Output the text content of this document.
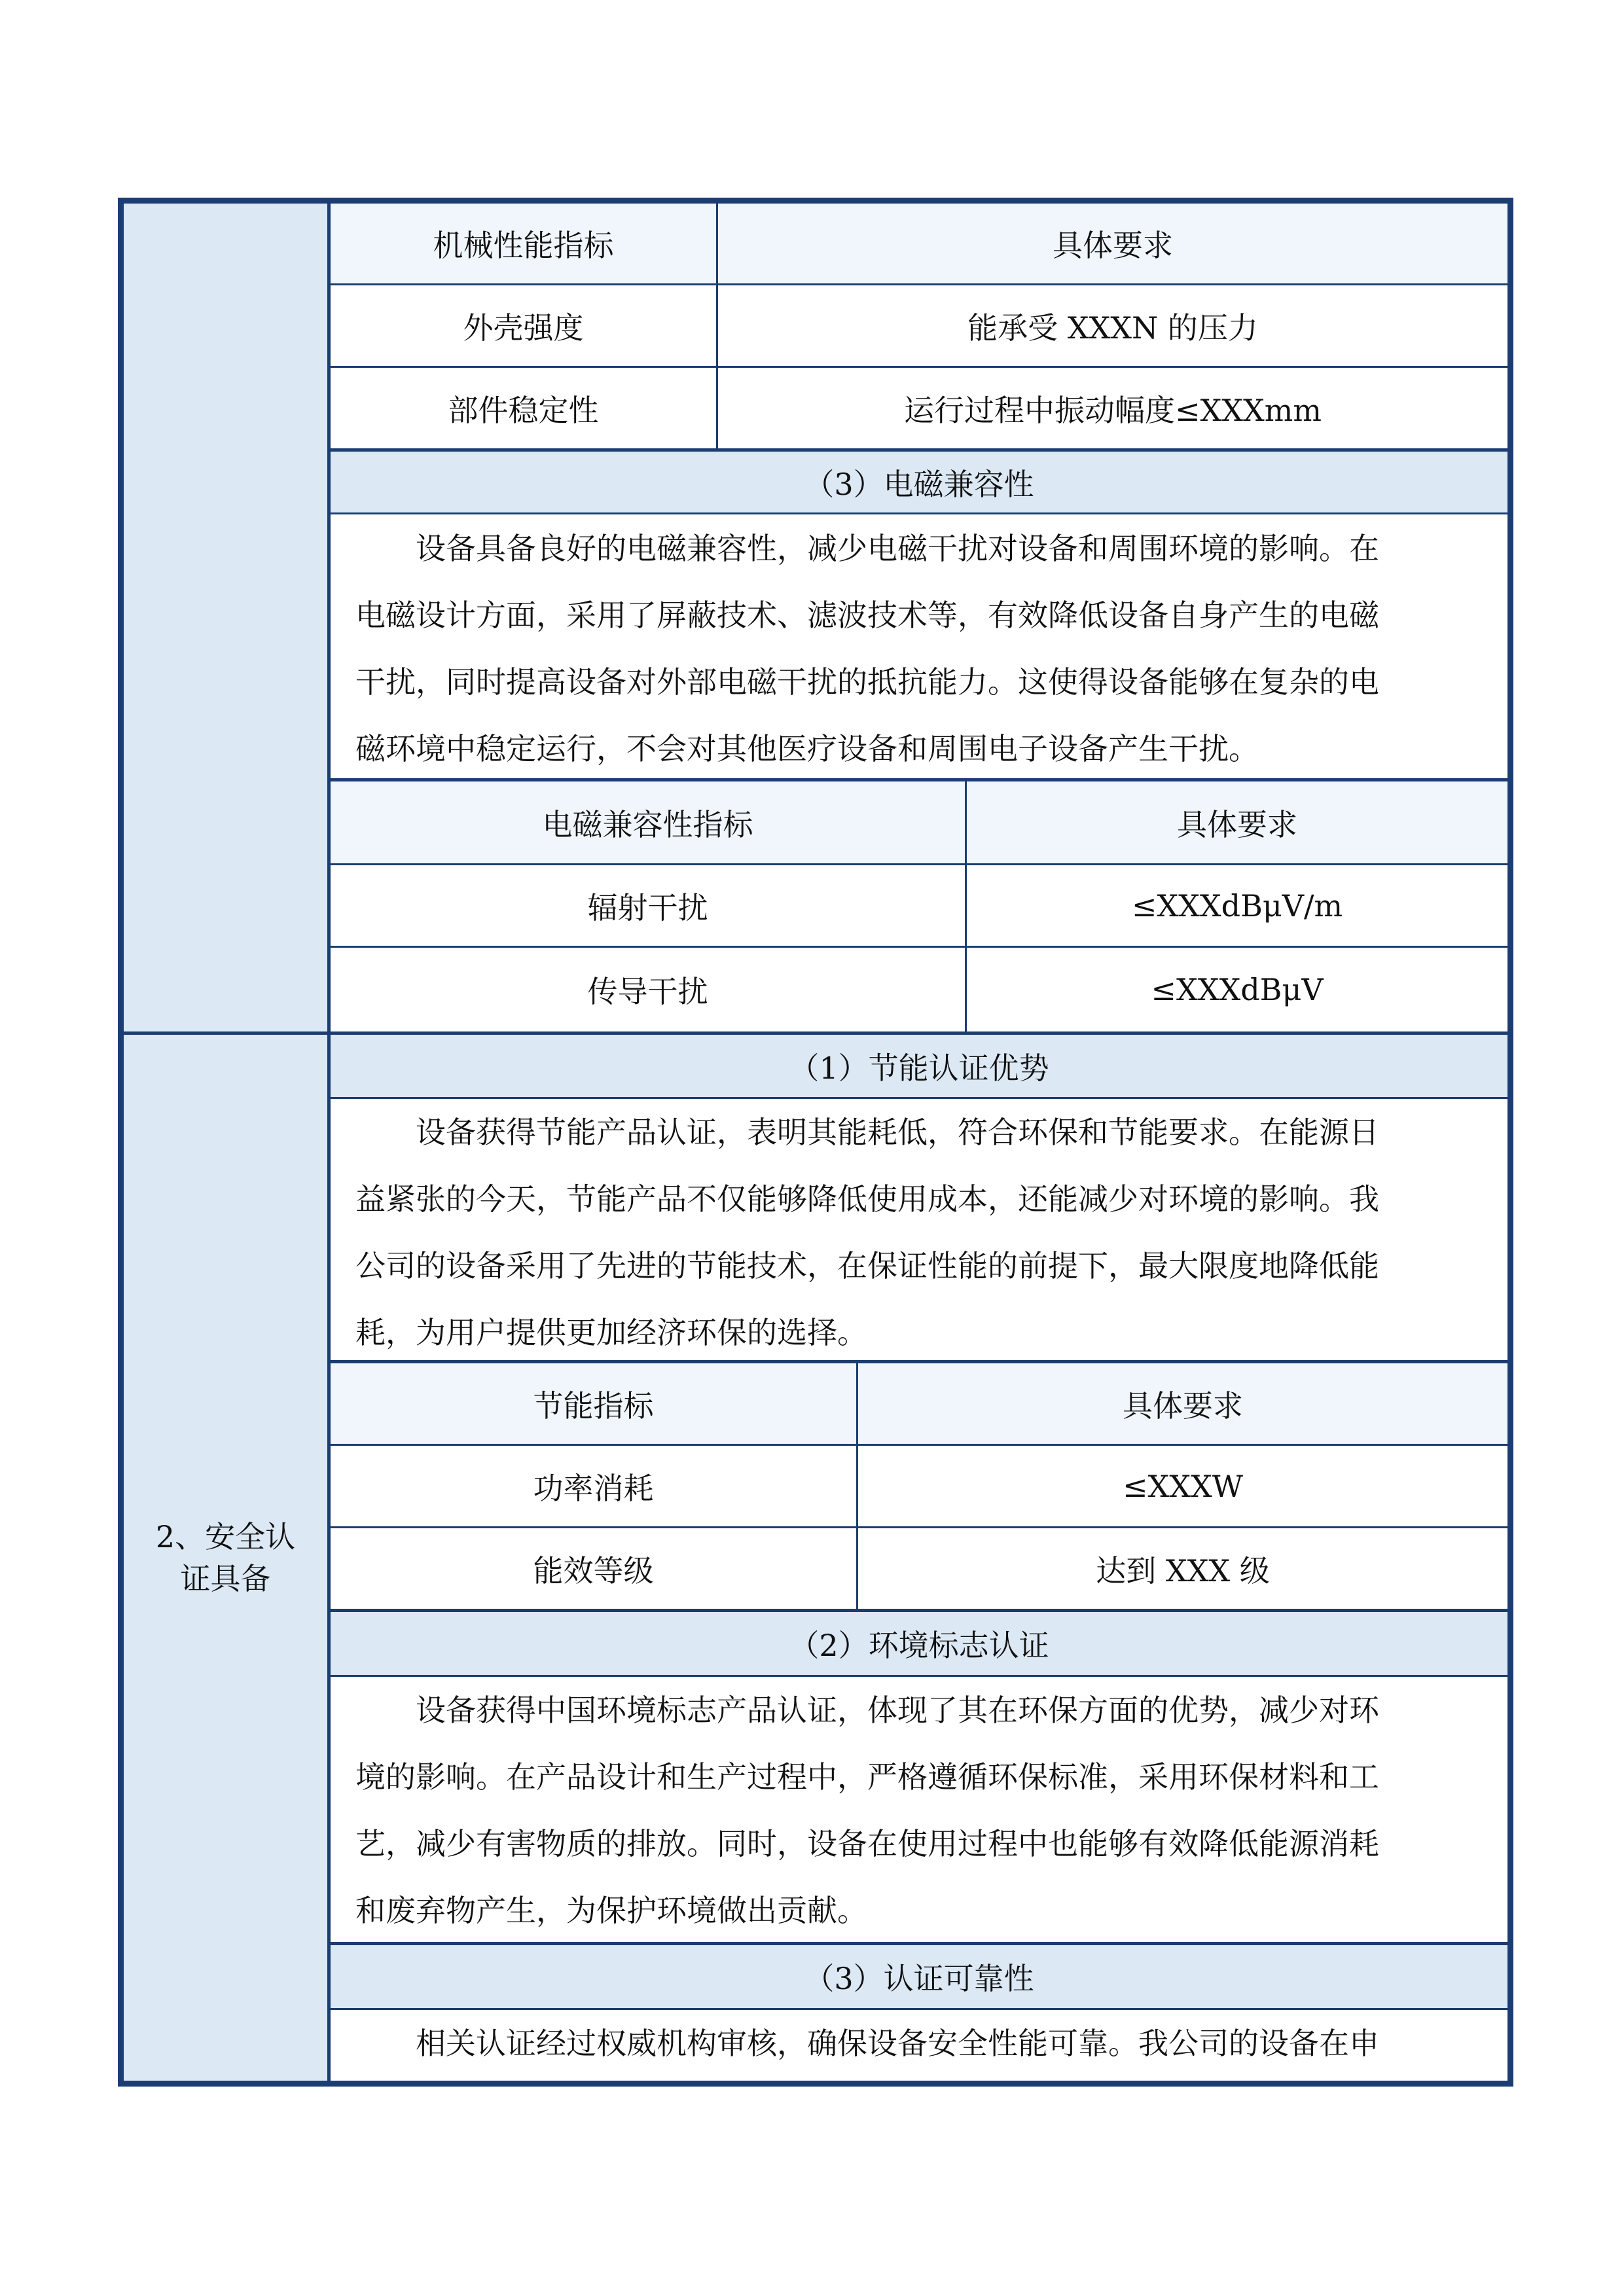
2、安全认
证具备
机械性能指标	具体要求
外壳强度	能承受 XXXN 的压力
部件稳定性	运行过程中振动幅度≤XXXmm
（3）电磁兼容性
设备具备良好的电磁兼容性，减少电磁干扰对设备和周围环境的影响。在
电磁设计方面，采用了屏蔽技术、滤波技术等，有效降低设备自身产生的电磁
干扰，同时提高设备对外部电磁干扰的抵抗能力。这使得设备能够在复杂的电
磁环境中稳定运行，不会对其他医疗设备和周围电子设备产生干扰。
电磁兼容性指标	具体要求
辐射干扰	≤XXXdBμV/m
传导干扰	≤XXXdBμV
（1）节能认证优势
设备获得节能产品认证，表明其能耗低，符合环保和节能要求。在能源日
益紧张的今天，节能产品不仅能够降低使用成本，还能减少对环境的影响。我
公司的设备采用了先进的节能技术，在保证性能的前提下，最大限度地降低能
耗，为用户提供更加经济环保的选择。
节能指标	具体要求
功率消耗	≤XXXW
能效等级	达到 XXX 级
（2）环境标志认证
设备获得中国环境标志产品认证，体现了其在环保方面的优势，减少对环
境的影响。在产品设计和生产过程中，严格遵循环保标准，采用环保材料和工
艺，减少有害物质的排放。同时，设备在使用过程中也能够有效降低能源消耗
和废弃物产生，为保护环境做出贡献。
（3）认证可靠性
相关认证经过权威机构审核，确保设备安全性能可靠。我公司的设备在申
